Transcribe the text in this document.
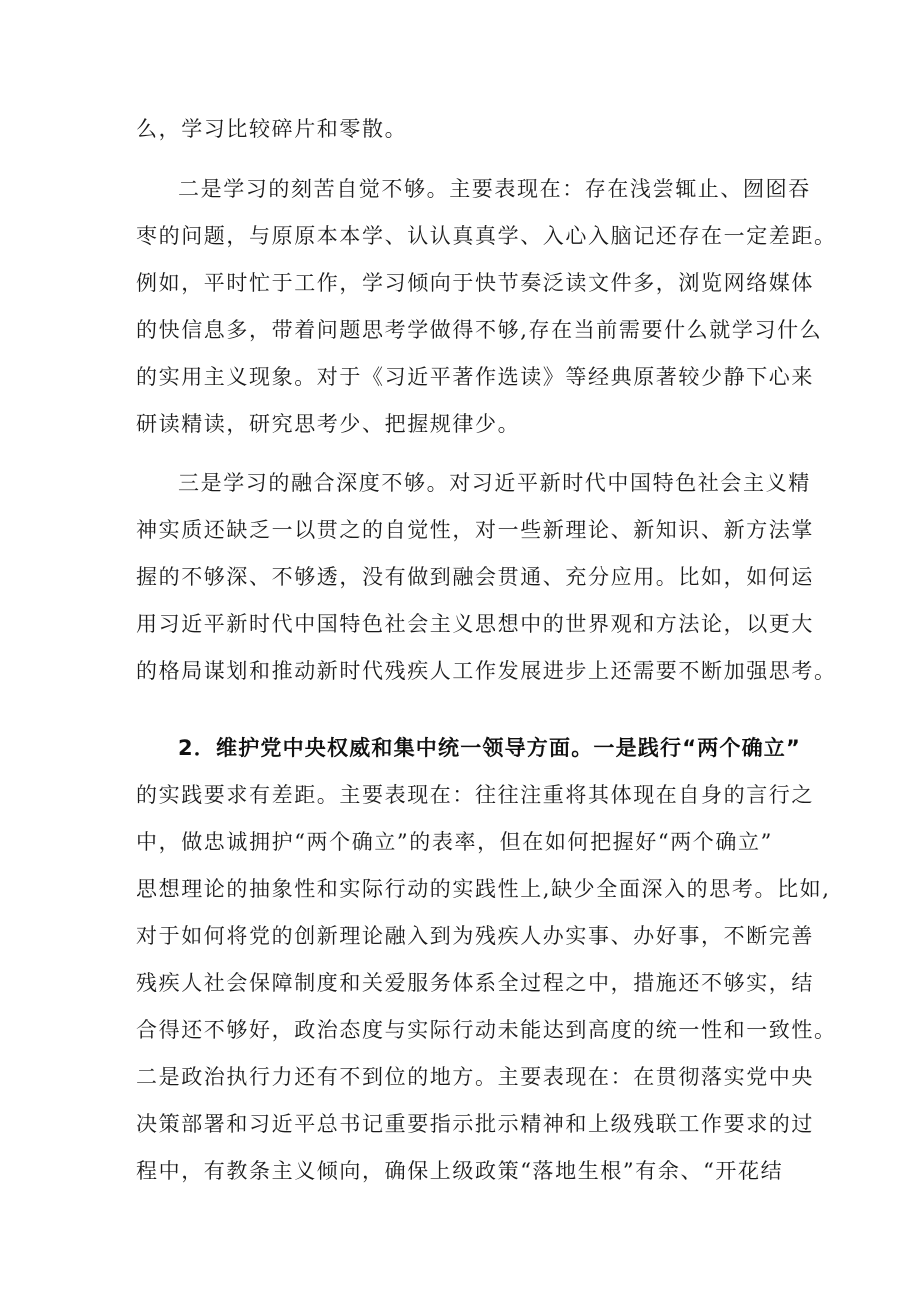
么，学习比较碎片和零散。
二是学习的刻苦自觉不够。主要表现在：存在浅尝辄止、囫囵吞
枣的问题，与原原本本学、认认真真学、入心入脑记还存在一定差距。
例如，平时忙于工作，学习倾向于快节奏泛读文件多，浏览网络媒体
的快信息多，带着问题思考学做得不够,存在当前需要什么就学习什么
的实用主义现象。对于《习近平著作选读》等经典原著较少静下心来
研读精读，研究思考少、把握规律少。
三是学习的融合深度不够。对习近平新时代中国特色社会主义精
神实质还缺乏一以贯之的自觉性，对一些新理论、新知识、新方法掌
握的不够深、不够透，没有做到融会贯通、充分应用。比如，如何运
用习近平新时代中国特色社会主义思想中的世界观和方法论，以更大
的格局谋划和推动新时代残疾人工作发展进步上还需要不断加强思考。
2．维护党中央权威和集中统一领导方面。一是践行“两个确立”
的实践要求有差距。主要表现在：往往注重将其体现在自身的言行之
中，做忠诚拥护“两个确立”的表率，但在如何把握好“两个确立”
思想理论的抽象性和实际行动的实践性上,缺少全面深入的思考。比如,
对于如何将党的创新理论融入到为残疾人办实事、办好事，不断完善
残疾人社会保障制度和关爱服务体系全过程之中，措施还不够实，结
合得还不够好，政治态度与实际行动未能达到高度的统一性和一致性。
二是政治执行力还有不到位的地方。主要表现在：在贯彻落实党中央
决策部署和习近平总书记重要指示批示精神和上级残联工作要求的过
程中，有教条主义倾向，确保上级政策“落地生根”有余、“开花结
